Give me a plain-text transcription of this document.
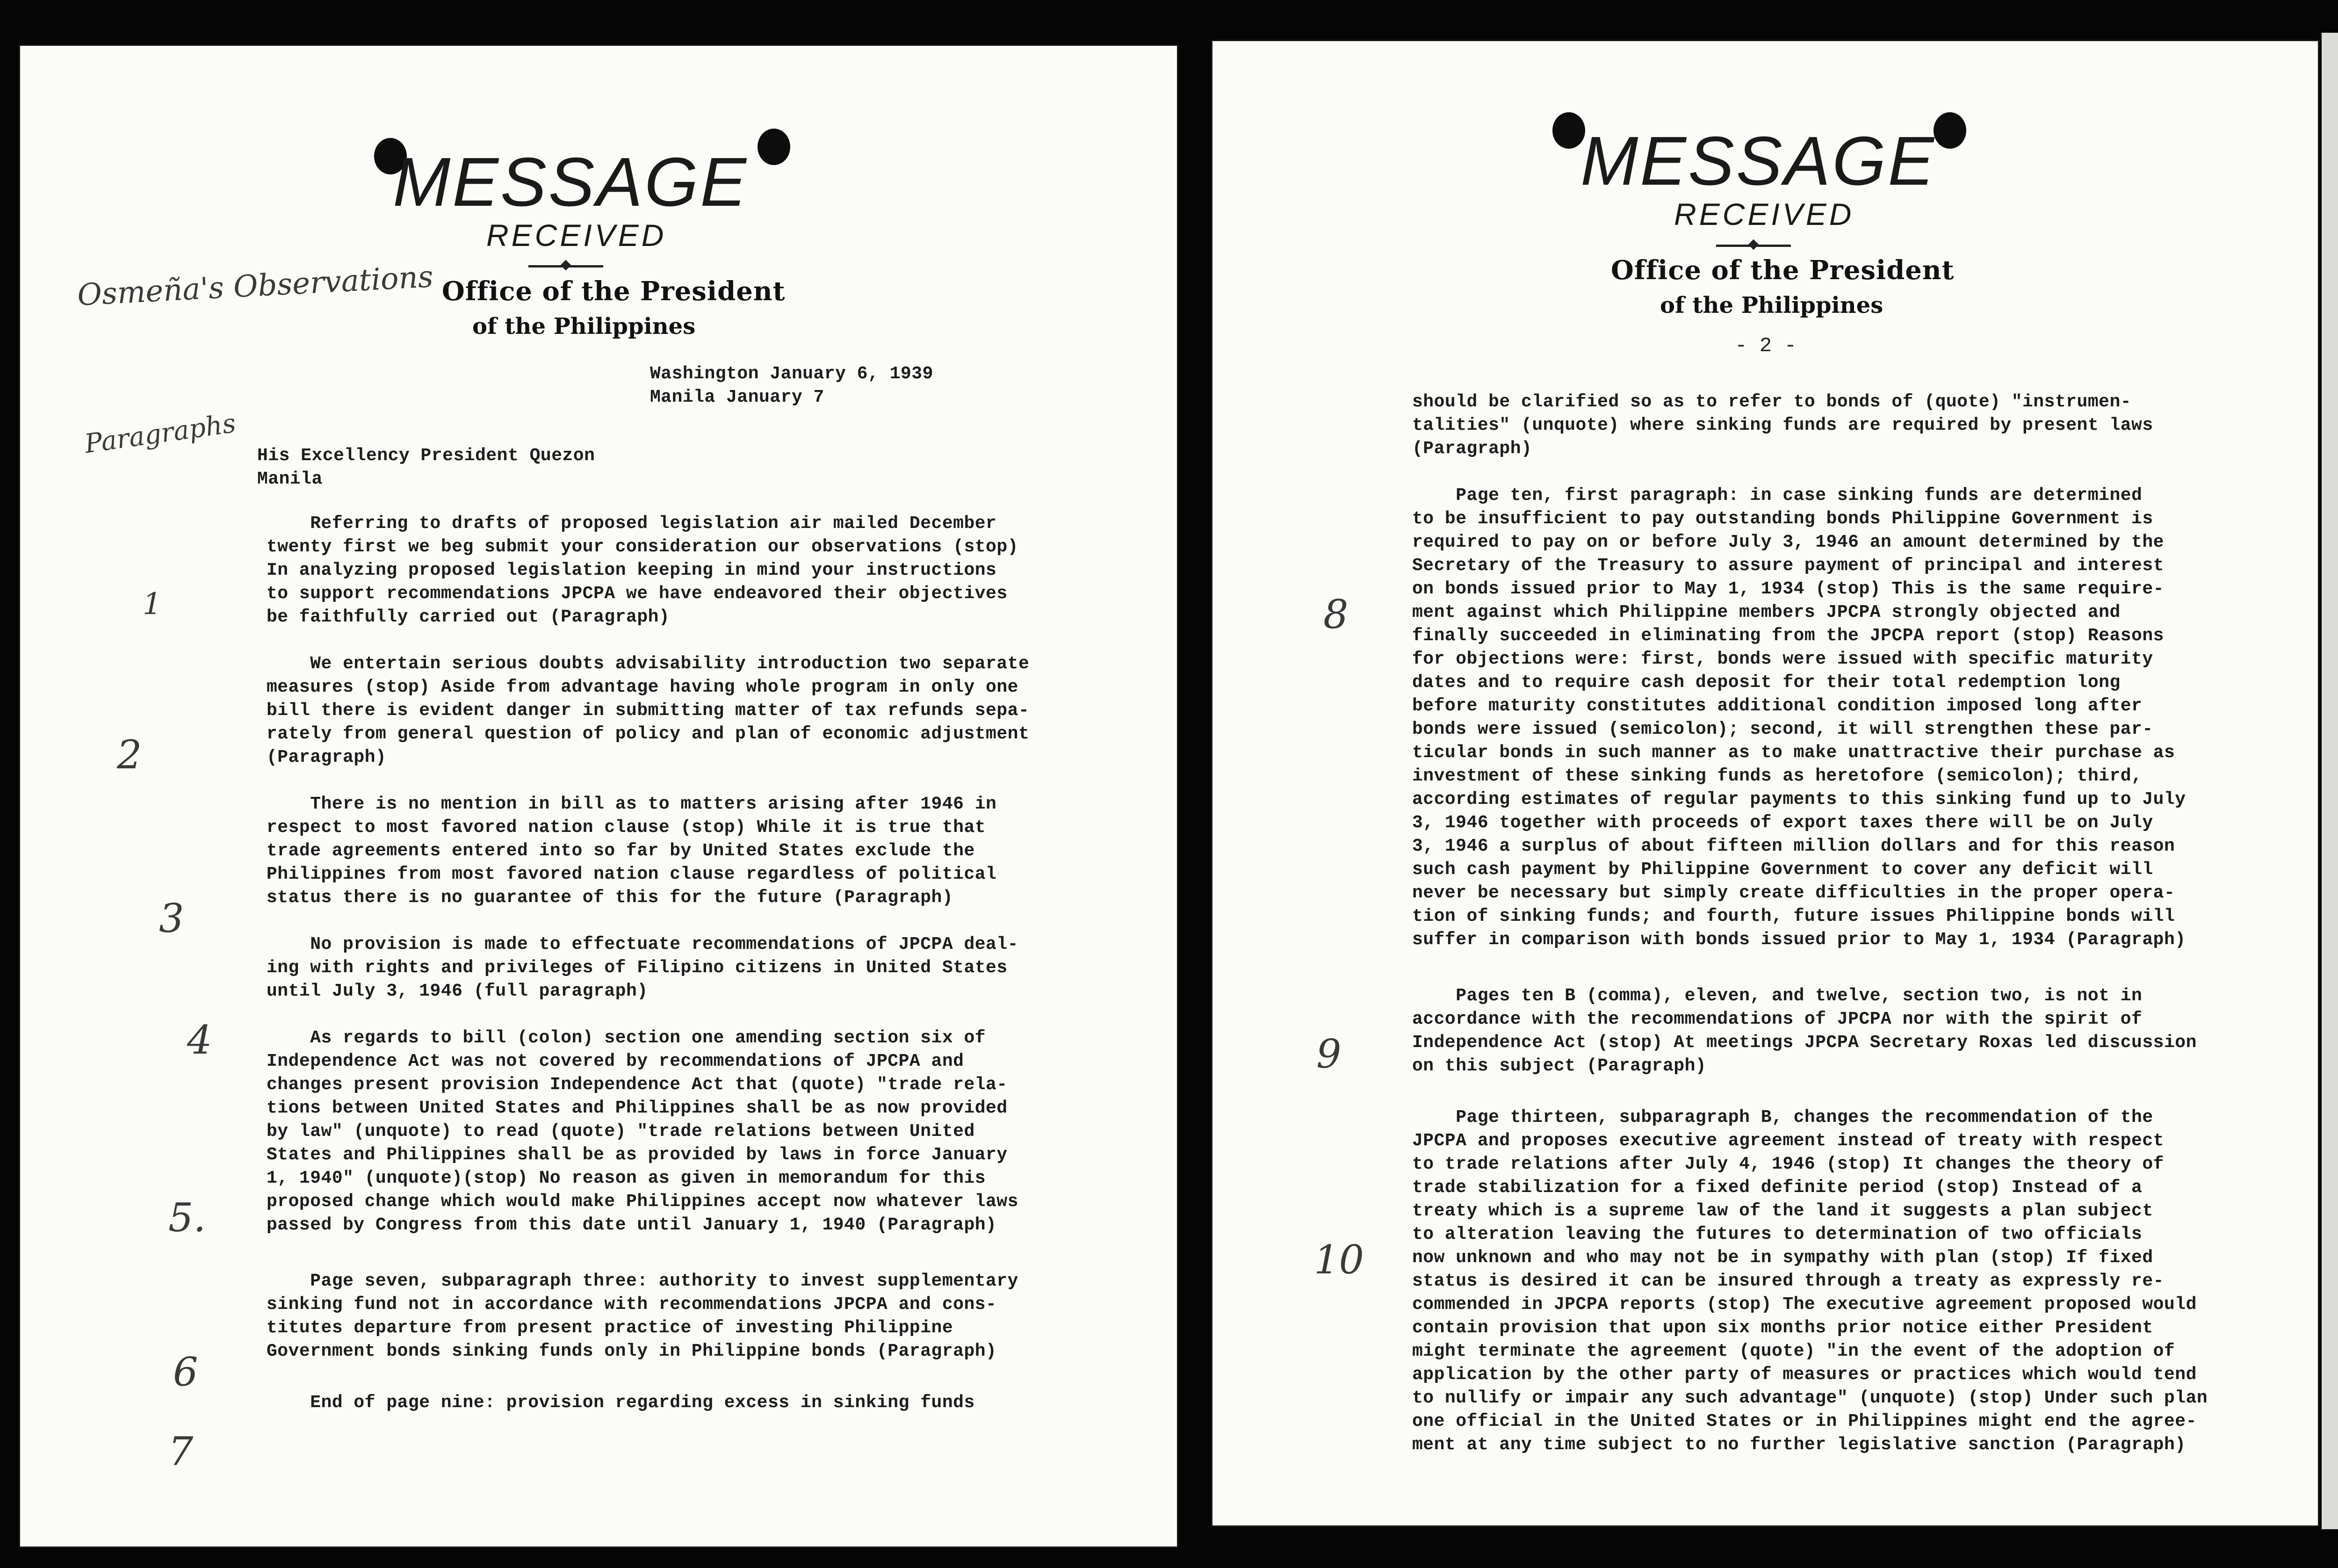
MESSAGE
RECEIVED
Office of the President
of the Philippines
Osmeña's Observations
Paragraphs
Washington January 6, 1939
Manila January 7
His Excellency President Quezon
Manila
Referring to drafts of proposed legislation air mailed December
twenty first we beg submit your consideration our observations (stop)
In analyzing proposed legislation keeping in mind your instructions
to support recommendations JPCPA we have endeavored their objectives
be faithfully carried out (Paragraph)
We entertain serious doubts advisability introduction two separate
measures (stop) Aside from advantage having whole program in only one
bill there is evident danger in submitting matter of tax refunds sepa-
rately from general question of policy and plan of economic adjustment
(Paragraph)
There is no mention in bill as to matters arising after 1946 in
respect to most favored nation clause (stop) While it is true that
trade agreements entered into so far by United States exclude the
Philippines from most favored nation clause regardless of political
status there is no guarantee of this for the future (Paragraph)
No provision is made to effectuate recommendations of JPCPA deal-
ing with rights and privileges of Filipino citizens in United States
until July 3, 1946 (full paragraph)
As regards to bill (colon) section one amending section six of
Independence Act was not covered by recommendations of JPCPA and
changes present provision Independence Act that (quote) "trade rela-
tions between United States and Philippines shall be as now provided
by law" (unquote) to read (quote) "trade relations between United
States and Philippines shall be as provided by laws in force January
1, 1940" (unquote)(stop) No reason as given in memorandum for this
proposed change which would make Philippines accept now whatever laws
passed by Congress from this date until January 1, 1940 (Paragraph)
Page seven, subparagraph three: authority to invest supplementary
sinking fund not in accordance with recommendations JPCPA and cons-
titutes departure from present practice of investing Philippine
Government bonds sinking funds only in Philippine bonds (Paragraph)
End of page nine: provision regarding excess in sinking funds
2
1
3
4
5.
6
7
MESSAGE
RECEIVED
Office of the President
of the Philippines
- 2 -
should be clarified so as to refer to bonds of (quote) "instrumen-
talities" (unquote) where sinking funds are required by present laws
(Paragraph)
Page ten, first paragraph: in case sinking funds are determined
to be insufficient to pay outstanding bonds Philippine Government is
required to pay on or before July 3, 1946 an amount determined by the
Secretary of the Treasury to assure payment of principal and interest
on bonds issued prior to May 1, 1934 (stop) This is the same require-
ment against which Philippine members JPCPA strongly objected and
finally succeeded in eliminating from the JPCPA report (stop) Reasons
for objections were: first, bonds were issued with specific maturity
dates and to require cash deposit for their total redemption long
before maturity constitutes additional condition imposed long after
bonds were issued (semicolon); second, it will strengthen these par-
ticular bonds in such manner as to make unattractive their purchase as
investment of these sinking funds as heretofore (semicolon); third,
according estimates of regular payments to this sinking fund up to July
3, 1946 together with proceeds of export taxes there will be on July
3, 1946 a surplus of about fifteen million dollars and for this reason
such cash payment by Philippine Government to cover any deficit will
never be necessary but simply create difficulties in the proper opera-
tion of sinking funds; and fourth, future issues Philippine bonds will
suffer in comparison with bonds issued prior to May 1, 1934 (Paragraph)
Pages ten B (comma), eleven, and twelve, section two, is not in
accordance with the recommendations of JPCPA nor with the spirit of
Independence Act (stop) At meetings JPCPA Secretary Roxas led discussion
on this subject (Paragraph)
Page thirteen, subparagraph B, changes the recommendation of the
JPCPA and proposes executive agreement instead of treaty with respect
to trade relations after July 4, 1946 (stop) It changes the theory of
trade stabilization for a fixed definite period (stop) Instead of a
treaty which is a supreme law of the land it suggests a plan subject
to alteration leaving the futures to determination of two officials
now unknown and who may not be in sympathy with plan (stop) If fixed
status is desired it can be insured through a treaty as expressly re-
commended in JPCPA reports (stop) The executive agreement proposed would
contain provision that upon six months prior notice either President
might terminate the agreement (quote) "in the event of the adoption of
application by the other party of measures or practices which would tend
to nullify or impair any such advantage" (unquote) (stop) Under such plan
one official in the United States or in Philippines might end the agree-
ment at any time subject to no further legislative sanction (Paragraph)
8
9
10
